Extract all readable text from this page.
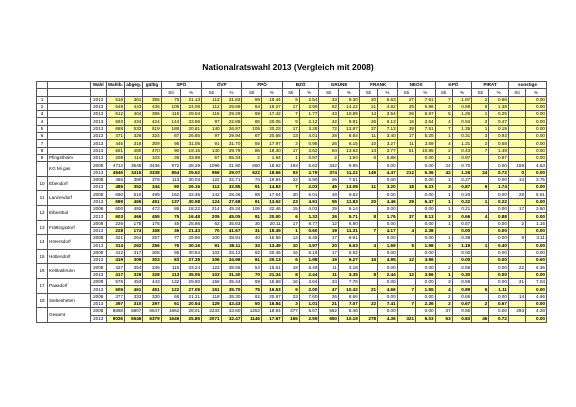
Nationalratswahl 2013 (Vergleich mit 2008)
		Wahl	Wahlb.	abgeg.	gültig	SPÖ		ÖVP		FPÖ		BZÖ		GRÜNE		FRANK		NEOS		KPÖ		PIRAT		sonstige	
						Sti	%	Sti	%	Sti	%	Sti	%	Sti	%	Sti	%	Sti	%	Sti	%	Sti	%	Sti	%
1		2013	518	361	355	75	21.13	113	31.83	69	19.44	9	2.54	33	9.30	20	5.63	27	7.61	7	1.97	2	0.56		0.00
2		2013	649	443	436	105	24.08	112	25.69	84	19.27	17	3.90	62	14.22	21	4.82	26	5.96	3	0.69	6	1.38		0.00
3		2013	612	404	396	115	29.04	116	29.29	69	17.42	7	1.77	43	10.86	14	3.54	26	6.57	5	1.26	1	0.25		0.00
4		2013	593	434	424	144	33.96	97	22.88	85	20.05	9	2.12	42	9.91	26	6.13	15	3.54	4	0.94	2	0.47		0.00
5		2013	688	533	519	188	20.81	140	26.97	105	20.23	17	3.28	72	13.87	37	7.13	39	7.51	7	1.35	1	0.19		0.00
6		2013	471	326	324	87	26.85	97	29.94	67	20.68	13	4.01	28	8.64	11	3.40	17	5.25	1	0.31	3	0.93		0.00
7		2013	445	318	309	95	31.05	91	31.70	55	17.97	3	0.98	26	8.15	10	3.27	11	3.59	4	1.31	2	0.58		0.00
8		2013	661	480	470	90	19.15	140	29.79	86	18.30	17	3.62	64	13.62	13	2.77	51	10.85	2	0.43	7	1.49		0.00
9	Pfingstheim	2013	209	114	103	35	33.98	57	55.34	2	1.94	1	0.97	2	1.94	6	5.88		0.00	1	0.97		0.97		0.00
	KG Mi gas	2008	4714	3545	3436	972	28.29	1096	31.90	650	18.92	193	5.62	342	9.95		0.00		0.00	24	0.70		0.00	159	4.63
		2013	4846	3415	3338	854	25.62	969	29.07	622	18.66	93	2.79	374	11.22	149	4.47	212	6.36	42	1.26	24	0.72	0	0.00
10	Ebendorf	2008	465	380	378	113	30.03	122	32.71	74	19.84	22	5.90	26	7.51		0.00		0.00	1	0.27		0.00	14	3.75
		2013	486	352	344	90	26.16	113	32.85	51	14.83	7	2.03	45	13.08	11	3.20	18	5.23	3	0.87	6	1.74		0.00
11	Lanzendorf	2008	690	510	499	162	32.46	142	28.46	88	17.64	30	6.01	48	9.62		0.00		0.00	1	0.20		0.00	28	5.61
		2013	689	465	451	137	30.58	124	27.68	61	13.62	23	4.91	55	11.83	20	4.46	29	6.47	1	0.22	1	0.22		0.00
12	Eibesthal	2008	600	492	472	86	18.22	214	45.34	106	22.46	15	4.03	29	6.14		0.00		0.00	1	0.21		0.00	17	3.60
		2013	603	466	455	75	16.48	205	45.05	91	20.00	6	1.32	26	5.71	8	1.76	37	8.13	3	0.66	4	0.88		0.00
13	Frättingsdorf	2008	226	175	175	45	25.86	62	35.63	30	20.11	17	9.77	12	6.90		0.00		0.00	1	0.57		0.00	2	1.15
		2013	228	174	168	36	21.43	70	41.67	31	18.45	1	0.60	19	11.31	7	4.17	4	2.38		0.00		0.00		0.00
14	Hörersdorf	2008	321	264	257	77	29.96	100	38.91	40	15.56	14	5.45	17	6.61		0.00		0.00	1	0.39		0.00	8	3.11
		2013	314	262	256	76	30.16	91	36.11	34	13.49	10	3.97	20	6.63	4	1.59	5	1.98	3	1.19	1	0.40		0.00
15	Hüttendorf	2008	412	317	308	95	30.84	102	33.12	62	20.45	16	5.19	17	5.52		0.00		0.00		0.00		0.00		0.00
		2013	419	309	303	83	27.39	106	34.98	61	20.13	6	1.98	19	6.27	15	4.95	12	3.96		0.00		0.00		0.00
16	Kettlasbrunn	2008	427	354	346	115	33.24	123	35.55	54	15.61	19	5.49	11	3.18		0.00		0.00	2	0.58		0.00	22	6.36
		2013	417	329	328	113	35.06	103	31.40	70	21.34	8	2.44	11	3.35	8	2.44	12	3.66	1	0.30		0.00		0.00
17	Paasdorf	2008	576	453	443	132	29.80	156	35.44	69	15.68	16	3.64	34	7.76		0.00		0.00	3	0.68		0.00	31	7.04
		2013	606	461	451	122	27.05	161	35.70	75	16.63	9	2.00	47	10.42	21	4.66	7	1.55	4	0.89	5	1.11		0.00
18	Siebenhirten	2008	377	333	330	65	21.21	118	35.30	62	20.67	23	7.60	26	8.66		0.00		0.00	2	0.66		0.00	14	4.66
		2013	397	310	297	61	20.54	129	43.43	50	16.84	3	1.01	21	7.07	22	7.41	7	2.36	2	0.67	2	0.67		0.00
	Gesamt	2008	8868	6807	6647	1862	28.01	2233	33.60	1252	18.84	377	5.67	562	8.46		0.00		0.00	37	0.56		0.00	293	4.28
		2013	9026	6546	6379	1649	25.85	2071	32.47	1146	17.97	165	2.59	650	10.19	278	4.36	321	5.03	63	0.83	46	0.72		0.00
